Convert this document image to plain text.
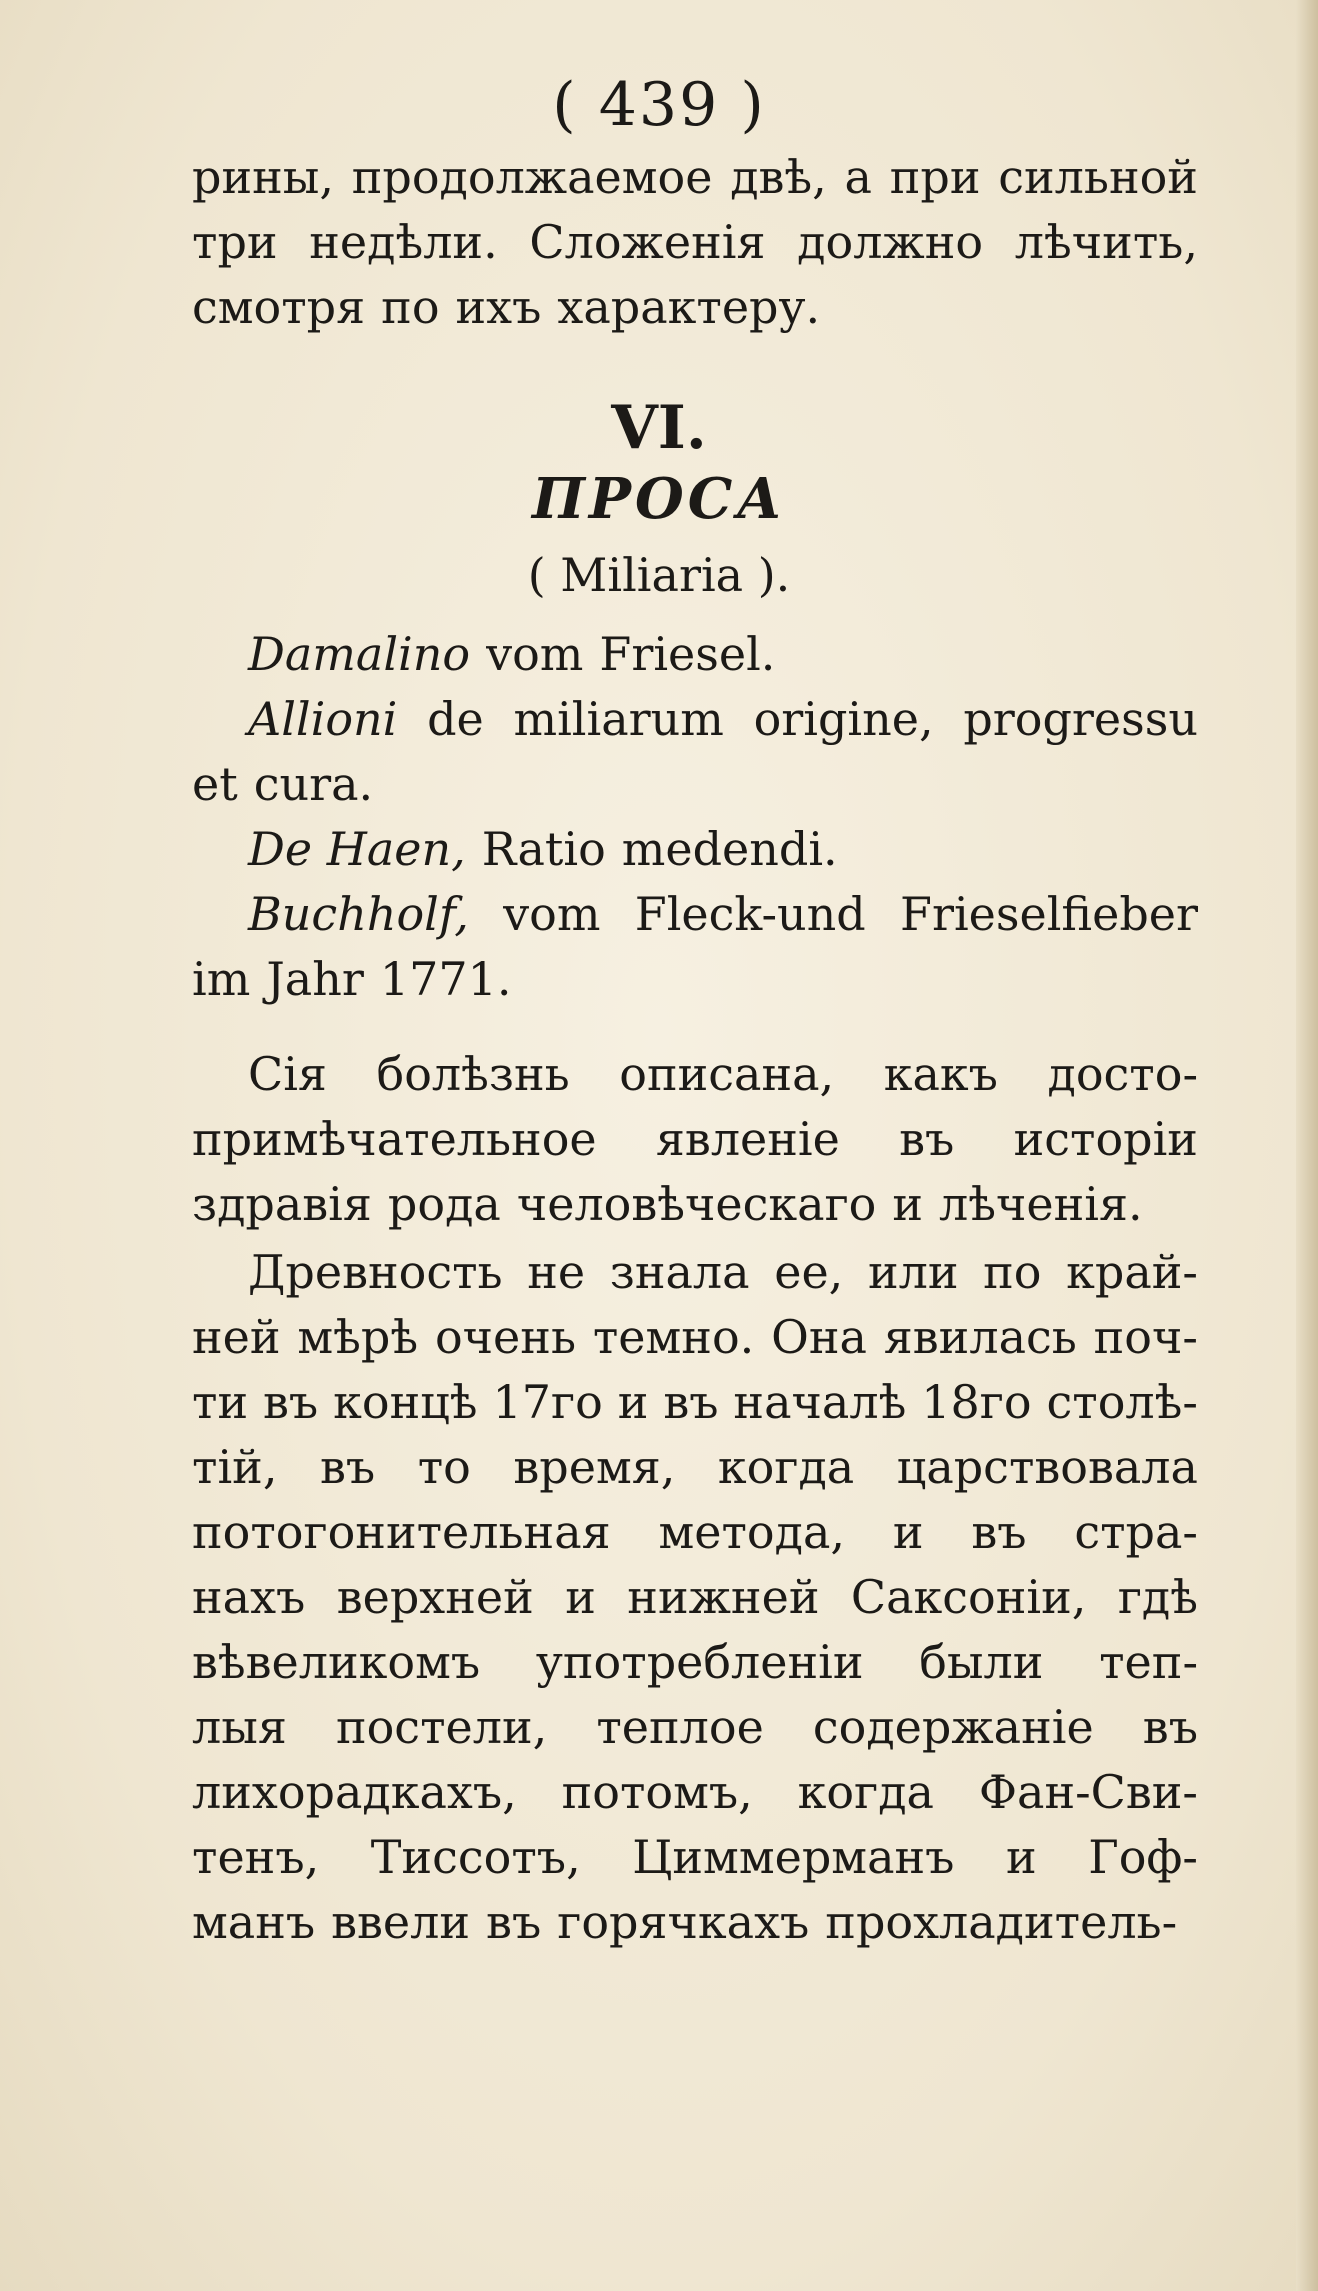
( 439 )
рины, продолжаемое двѣ, а при сильной
три недѣли. Сложенія должно лѣчить,
смотря по ихъ характеру.
VI.
ПРОСА
( Miliaria ).
Damalino vom Friesel.
Allioni de miliarum origine, progressu
et cura.
De Haen, Ratio medendi.
Buchholf, vom Fleck-und Frieselfieber
im Jahr 1771.
Сія болѣзнь описана, какъ достo-
примѣчательное явленіе въ исторіи
здравія рода человѣческаго и лѣченія.
Древность не знала ее, или по край-
ней мѣрѣ очень темно. Она явилась поч-
ти въ концѣ 17го и въ началѣ 18го столѣ-
тій, въ то время, когда царствовала
потогонительная метода, и въ стра-
нахъ верхней и нижней Саксоніи, гдѣ
вѣвеликомъ употребленіи были теп-
лыя постели, теплое содержаніе въ
лихорадкахъ, потомъ, когда Фан-Сви-
тенъ, Тиссотъ, Циммерманъ и Гоф-
манъ ввели въ горячкахъ прохладитель-
